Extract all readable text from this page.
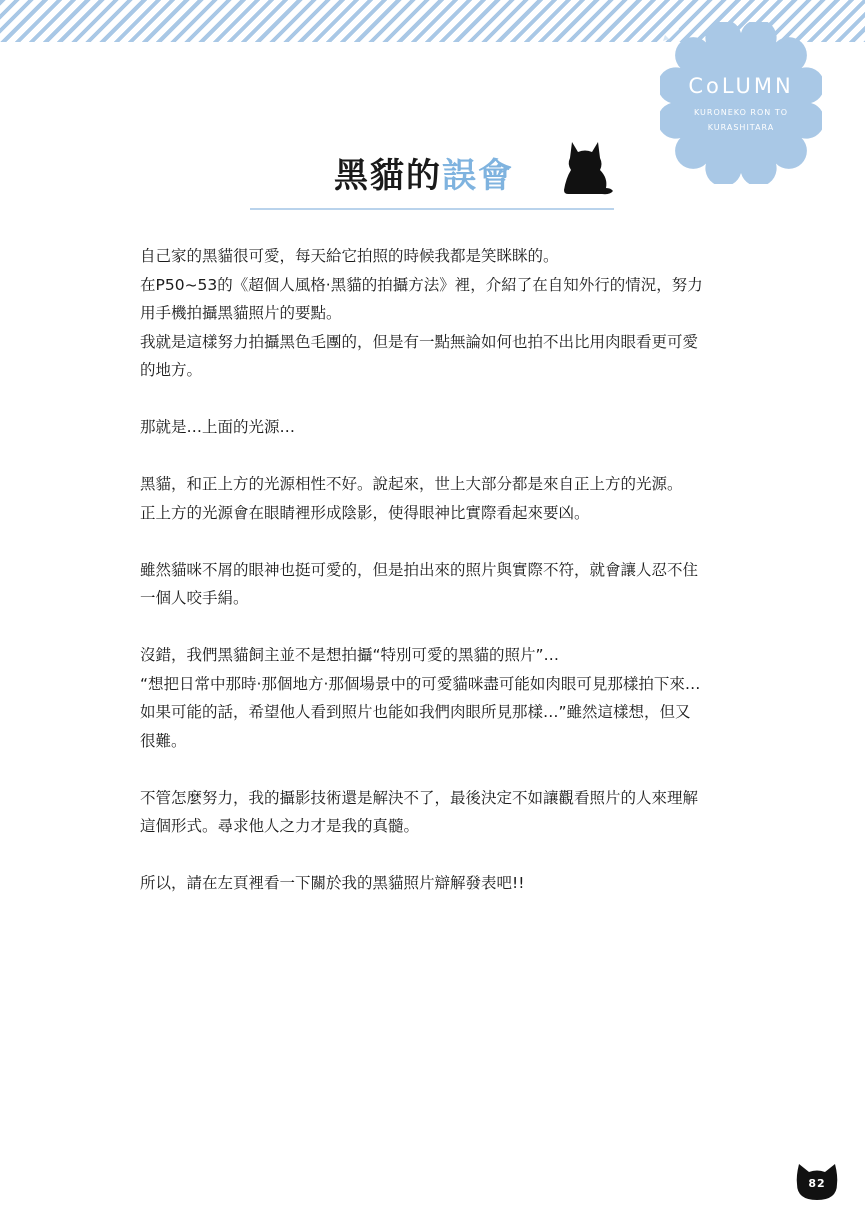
CoLUMN
KURONEKO RON TO
KURASHITARA
黑貓的誤會

自己家的黑貓很可愛，每天給它拍照的時候我都是笑眯眯的。

在P50~53的《超個人風格‧黑貓的拍攝方法》裡，介紹了在自知外行的情況，努力

用手機拍攝黑貓照片的要點。

我就是這樣努力拍攝黑色毛團的，但是有一點無論如何也拍不出比用肉眼看更可愛

的地方。

那就是…上面的光源…

黑貓，和正上方的光源相性不好。說起來，世上大部分都是來自正上方的光源。

正上方的光源會在眼睛裡形成陰影，使得眼神比實際看起來要凶。

雖然貓咪不屑的眼神也挺可愛的，但是拍出來的照片與實際不符，就會讓人忍不住

一個人咬手絹。

沒錯，我們黑貓飼主並不是想拍攝“特別可愛的黑貓的照片”…

“想把日常中那時‧那個地方‧那個場景中的可愛貓咪盡可能如肉眼可見那樣拍下來…

如果可能的話，希望他人看到照片也能如我們肉眼所見那樣…”雖然這樣想，但又

很難。

不管怎麼努力，我的攝影技術還是解決不了，最後決定不如讓觀看照片的人來理解

這個形式。尋求他人之力才是我的真髓。

所以，請在左頁裡看一下關於我的黑貓照片辯解發表吧!!

82
